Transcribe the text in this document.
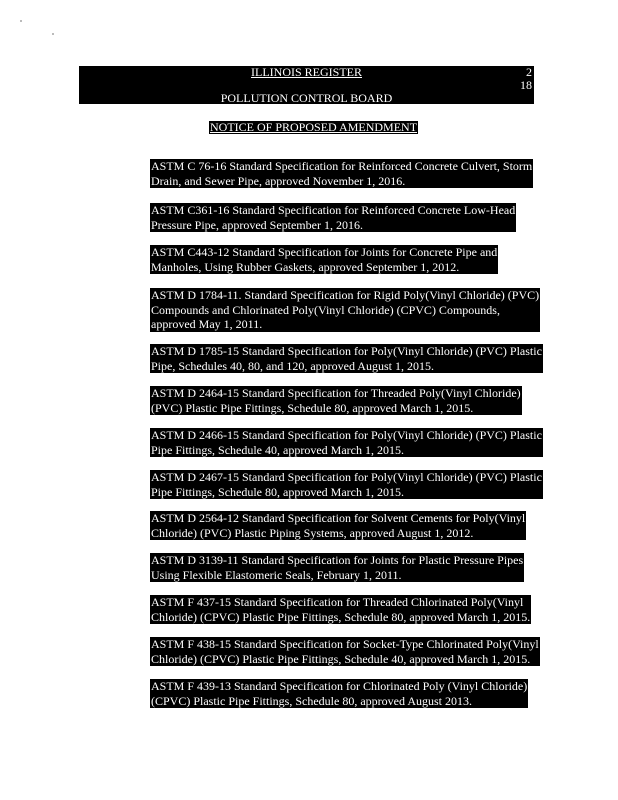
ILLINOIS REGISTER	2
18
POLLUTION CONTROL BOARD
NOTICE OF PROPOSED AMENDMENT
ASTM C 76-16 Standard Specification for Reinforced Concrete Culvert, Storm
Drain, and Sewer Pipe, approved November 1, 2016.
ASTM C361-16 Standard Specification for Reinforced Concrete Low-Head
Pressure Pipe, approved September 1, 2016.
ASTM C443-12 Standard Specification for Joints for Concrete Pipe and
Manholes, Using Rubber Gaskets, approved September 1, 2012.
ASTM D 1784-11. Standard Specification for Rigid Poly(Vinyl Chloride) (PVC)
Compounds and Chlorinated Poly(Vinyl Chloride) (CPVC) Compounds,
approved May 1, 2011.
ASTM D 1785-15 Standard Specification for Poly(Vinyl Chloride) (PVC) Plastic
Pipe, Schedules 40, 80, and 120, approved August 1, 2015.
ASTM D 2464-15 Standard Specification for Threaded Poly(Vinyl Chloride)
(PVC) Plastic Pipe Fittings, Schedule 80, approved March 1, 2015.
ASTM D 2466-15 Standard Specification for Poly(Vinyl Chloride) (PVC) Plastic
Pipe Fittings, Schedule 40, approved March 1, 2015.
ASTM D 2467-15 Standard Specification for Poly(Vinyl Chloride) (PVC) Plastic
Pipe Fittings, Schedule 80, approved March 1, 2015.
ASTM D 2564-12 Standard Specification for Solvent Cements for Poly(Vinyl
Chloride) (PVC) Plastic Piping Systems, approved August 1, 2012.
ASTM D 3139-11 Standard Specification for Joints for Plastic Pressure Pipes
Using Flexible Elastomeric Seals, February 1, 2011.
ASTM F 437-15 Standard Specification for Threaded Chlorinated Poly(Vinyl
Chloride) (CPVC) Plastic Pipe Fittings, Schedule 80, approved March 1, 2015.
ASTM F 438-15 Standard Specification for Socket-Type Chlorinated Poly(Vinyl
Chloride) (CPVC) Plastic Pipe Fittings, Schedule 40, approved March 1, 2015.
ASTM F 439-13 Standard Specification for Chlorinated Poly (Vinyl Chloride)
(CPVC) Plastic Pipe Fittings, Schedule 80, approved August 2013.
